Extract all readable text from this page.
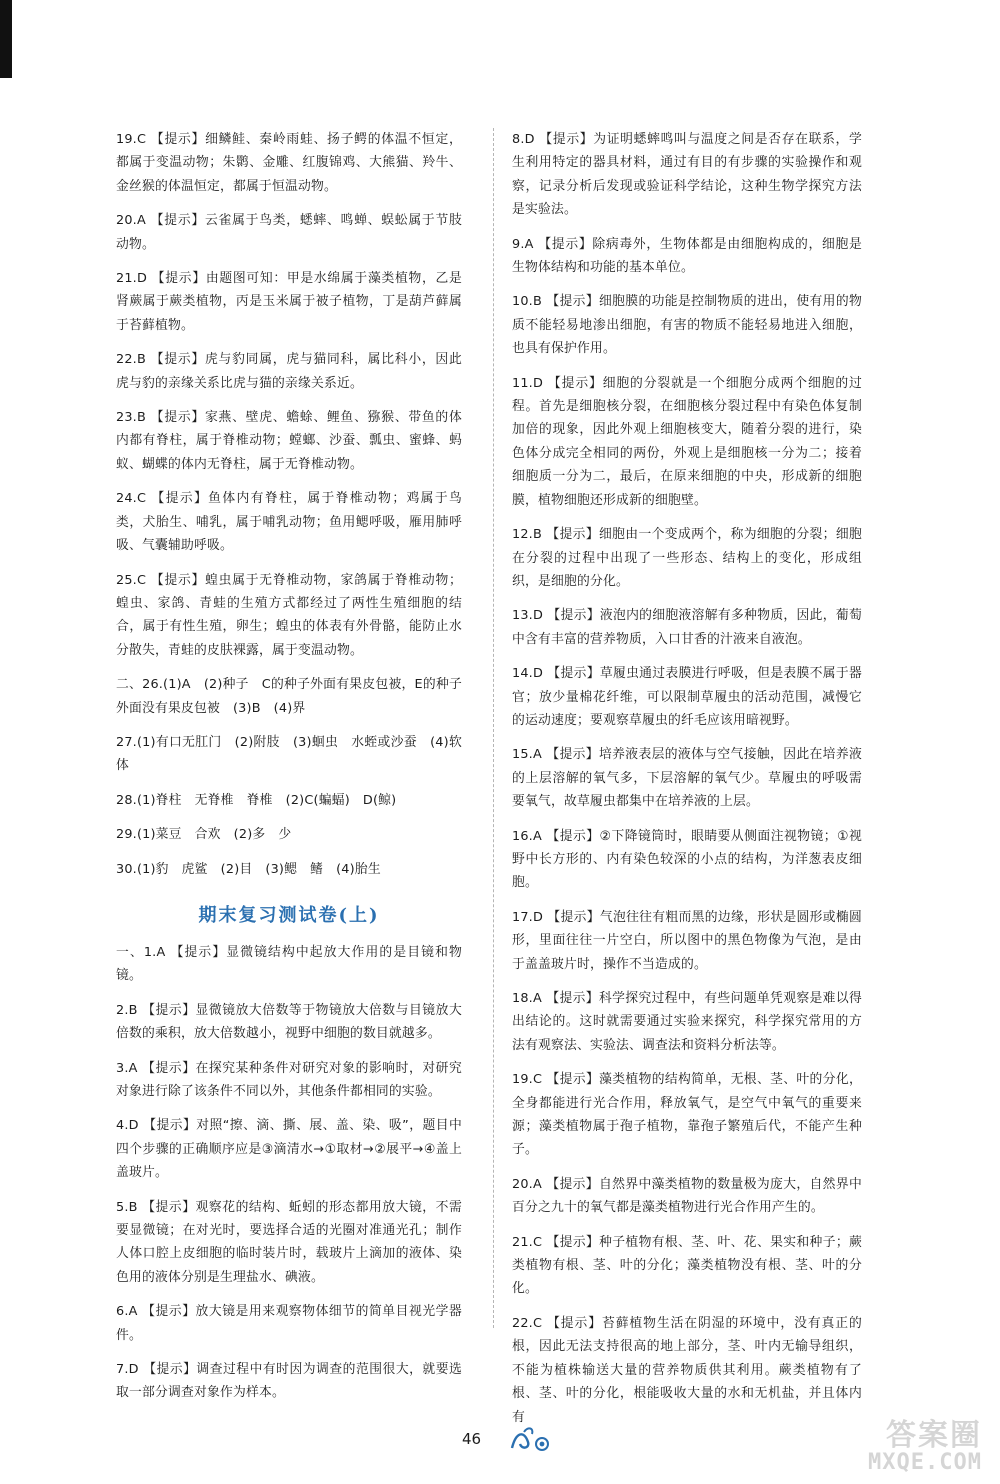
19.C 【提示】细鳞鲑、秦岭雨蛙、扬子鳄的体温不恒定，都属于变温动物；朱鹮、金雕、红腹锦鸡、大熊猫、羚牛、金丝猴的体温恒定，都属于恒温动物。

20.A 【提示】云雀属于鸟类，蟋蟀、鸣蝉、蜈蚣属于节肢动物。

21.D 【提示】由题图可知：甲是水绵属于藻类植物，乙是肾蕨属于蕨类植物，丙是玉米属于被子植物，丁是葫芦藓属于苔藓植物。

22.B 【提示】虎与豹同属，虎与猫同科，属比科小，因此虎与豹的亲缘关系比虎与猫的亲缘关系近。

23.B 【提示】家燕、壁虎、蟾蜍、鲤鱼、猕猴、带鱼的体内都有脊柱，属于脊椎动物；螳螂、沙蚕、瓢虫、蜜蜂、蚂蚁、蝴蝶的体内无脊柱，属于无脊椎动物。

24.C 【提示】鱼体内有脊柱，属于脊椎动物；鸡属于鸟类，犬胎生、哺乳，属于哺乳动物；鱼用鳃呼吸，雁用肺呼吸、气囊辅助呼吸。

25.C 【提示】蝗虫属于无脊椎动物，家鸽属于脊椎动物；蝗虫、家鸽、青蛙的生殖方式都经过了两性生殖细胞的结合，属于有性生殖，卵生；蝗虫的体表有外骨骼，能防止水分散失，青蛙的皮肤裸露，属于变温动物。

二、26.(1)A　(2)种子　C的种子外面有果皮包被，E的种子外面没有果皮包被　(3)B　(4)界

27.(1)有口无肛门　(2)附肢　(3)蛔虫　水蛭或沙蚕　(4)软体

28.(1)脊柱　无脊椎　脊椎　(2)C(蝙蝠)　D(鲸)

29.(1)菜豆　合欢　(2)多　少

30.(1)豹　虎鲨　(2)目　(3)鳃　鳍　(4)胎生

期末复习测试卷(上)

一、1.A 【提示】显微镜结构中起放大作用的是目镜和物镜。

2.B 【提示】显微镜放大倍数等于物镜放大倍数与目镜放大倍数的乘积，放大倍数越小，视野中细胞的数目就越多。

3.A 【提示】在探究某种条件对研究对象的影响时，对研究对象进行除了该条件不同以外，其他条件都相同的实验。

4.D 【提示】对照“擦、滴、撕、展、盖、染、吸”，题目中四个步骤的正确顺序应是③滴清水→①取材→②展平→④盖上盖玻片。

5.B 【提示】观察花的结构、蚯蚓的形态都用放大镜，不需要显微镜；在对光时，要选择合适的光圈对准通光孔；制作人体口腔上皮细胞的临时装片时，载玻片上滴加的液体、染色用的液体分别是生理盐水、碘液。

6.A 【提示】放大镜是用来观察物体细节的简单目视光学器件。

7.D 【提示】调查过程中有时因为调查的范围很大，就要选取一部分调查对象作为样本。

8.D 【提示】为证明蟋蟀鸣叫与温度之间是否存在联系，学生利用特定的器具材料，通过有目的有步骤的实验操作和观察，记录分析后发现或验证科学结论，这种生物学探究方法是实验法。

9.A 【提示】除病毒外，生物体都是由细胞构成的，细胞是生物体结构和功能的基本单位。

10.B 【提示】细胞膜的功能是控制物质的进出，使有用的物质不能轻易地渗出细胞，有害的物质不能轻易地进入细胞，也具有保护作用。

11.D 【提示】细胞的分裂就是一个细胞分成两个细胞的过程。首先是细胞核分裂，在细胞核分裂过程中有染色体复制加倍的现象，因此外观上细胞核变大，随着分裂的进行，染色体分成完全相同的两份，外观上是细胞核一分为二；接着细胞质一分为二，最后，在原来细胞的中央，形成新的细胞膜，植物细胞还形成新的细胞壁。

12.B 【提示】细胞由一个变成两个，称为细胞的分裂；细胞在分裂的过程中出现了一些形态、结构上的变化，形成组织，是细胞的分化。

13.D 【提示】液泡内的细胞液溶解有多种物质，因此，葡萄中含有丰富的营养物质，入口甘香的汁液来自液泡。

14.D 【提示】草履虫通过表膜进行呼吸，但是表膜不属于器官；放少量棉花纤维，可以限制草履虫的活动范围，减慢它的运动速度；要观察草履虫的纤毛应该用暗视野。

15.A 【提示】培养液表层的液体与空气接触，因此在培养液的上层溶解的氧气多，下层溶解的氧气少。草履虫的呼吸需要氧气，故草履虫都集中在培养液的上层。

16.A 【提示】②下降镜筒时，眼睛要从侧面注视物镜；①视野中长方形的、内有染色较深的小点的结构，为洋葱表皮细胞。

17.D 【提示】气泡往往有粗而黑的边缘，形状是圆形或椭圆形，里面往往一片空白，所以图中的黑色物像为气泡，是由于盖盖玻片时，操作不当造成的。

18.A 【提示】科学探究过程中，有些问题单凭观察是难以得出结论的。这时就需要通过实验来探究，科学探究常用的方法有观察法、实验法、调查法和资料分析法等。

19.C 【提示】藻类植物的结构简单，无根、茎、叶的分化，全身都能进行光合作用，释放氧气，是空气中氧气的重要来源；藻类植物属于孢子植物，靠孢子繁殖后代，不能产生种子。

20.A 【提示】自然界中藻类植物的数量极为庞大，自然界中百分之九十的氧气都是藻类植物进行光合作用产生的。

21.C 【提示】种子植物有根、茎、叶、花、果实和种子；蕨类植物有根、茎、叶的分化；藻类植物没有根、茎、叶的分化。

22.C 【提示】苔藓植物生活在阴湿的环境中，没有真正的根，因此无法支持很高的地上部分，茎、叶内无输导组织，不能为植株输送大量的营养物质供其利用。蕨类植物有了根、茎、叶的分化，根能吸收大量的水和无机盐，并且体内有

46	答案圈
MXQE.COM
